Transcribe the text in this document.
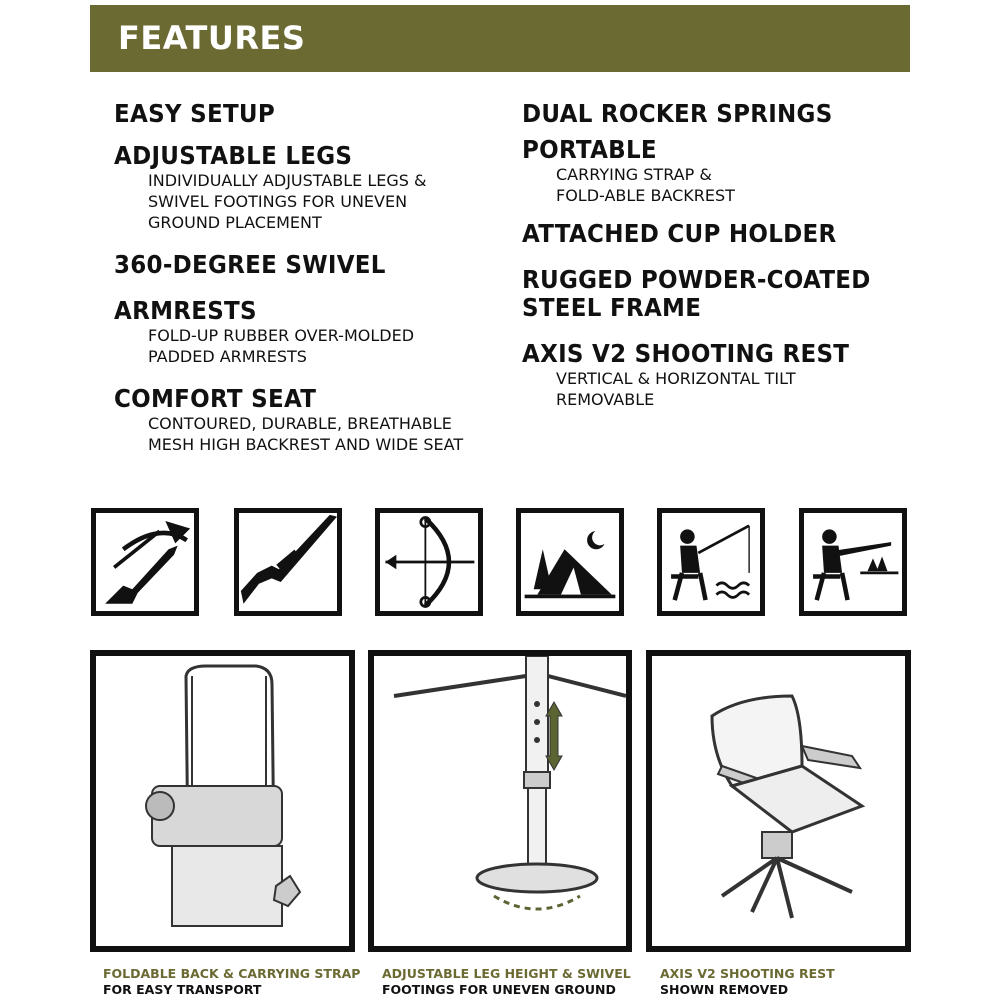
FEATURES
EASY SETUP
ADJUSTABLE LEGS

INDIVIDUALLY ADJUSTABLE LEGS &

SWIVEL FOOTINGS FOR UNEVEN

GROUND PLACEMENT

360-DEGREE SWIVEL
ARMRESTS

FOLD-UP RUBBER OVER-MOLDED

PADDED ARMRESTS

COMFORT SEAT

CONTOURED, DURABLE, BREATHABLE

MESH HIGH BACKREST AND WIDE SEAT

DUAL ROCKER SPRINGS
PORTABLE

CARRYING STRAP &

FOLD-ABLE BACKREST

ATTACHED CUP HOLDER
RUGGED POWDER-COATED
STEEL FRAME
AXIS V2 SHOOTING REST

VERTICAL & HORIZONTAL TILT

REMOVABLE

FOLDABLE BACK & CARRYING STRAP
FOR EASY TRANSPORT
ADJUSTABLE LEG HEIGHT & SWIVEL
FOOTINGS FOR UNEVEN GROUND
AXIS V2 SHOOTING REST
SHOWN REMOVED
